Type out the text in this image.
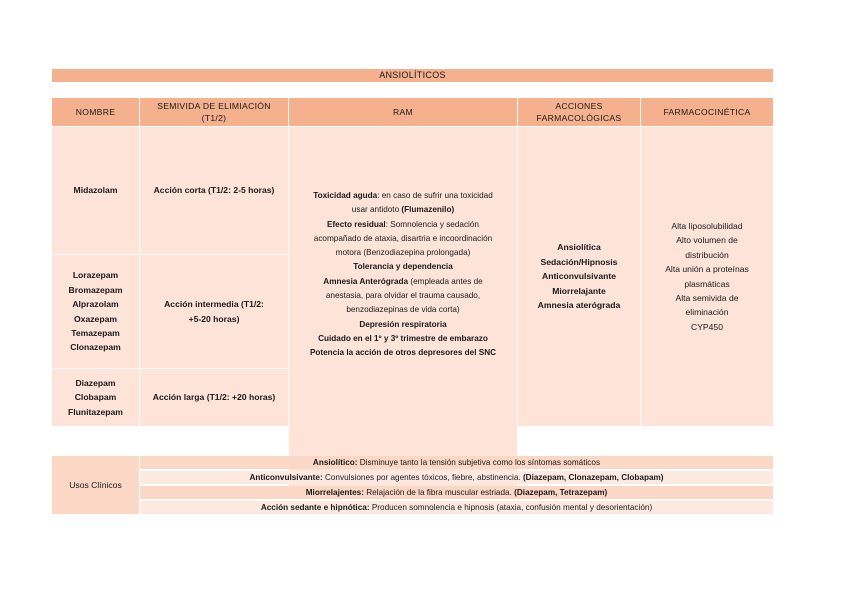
ANSIOLÍTICOS
NOMBRE
SEMIVIDA DE ELIMIACIÓN
(T1/2)
RAM
ACCIONES
FARMACOLÓGICAS
FARMACOCINÉTICA
Midazolam
Lorazepam
Bromazepam
Alprazolam
Oxazepam
Temazepam
Clonazepam
Diazepam
Clobapam
Flunitazepam
Acción corta (T1/2: 2-5 horas)
Acción intermedia (T1/2:
+5-20 horas)
Acción larga (T1/2: +20 horas)
Toxicidad aguda: en caso de sufrir una toxicidad
usar antidoto (Flumazenilo)
Efecto residual: Somnolencia y sedación
acompañado de ataxia, disartria e incoordinación
motora (Benzodiazepina prolongada)
Tolerancia y dependencia
Amnesia Anterógrada (empleada antes de
anestasia, para olvidar el trauma causado,
benzodiazepinas de vida corta)
Depresión respiratoria
Cuidado en el 1º y 3º trimestre de embarazo
Potencia la acción de otros depresores del SNC
Ansiolítica
Sedación/Hipnosis
Anticonvulsivante
Miorrelajante
Amnesia aterógrada
Alta liposolubilidad
Alto volumen de
distribución
Alta unión a proteínas
plasmáticas
Alta semivida de
eliminación
CYP450
Usos Clínicos
Ansiolítico: Disminuye tanto la tensión subjetiva como los síntomas somáticos
Anticonvulsivante: Convulsiones por agentes tóxicos, fiebre, abstinencia. (Diazepam, Clonazepam, Clobapam)
Miorrelajentes: Relajación de la fibra muscular estriada. (Diazepam, Tetrazepam)
Acción sedante e hipnótica: Producen somnolencia e hipnosis (ataxia, confusión mental y desorientación)
